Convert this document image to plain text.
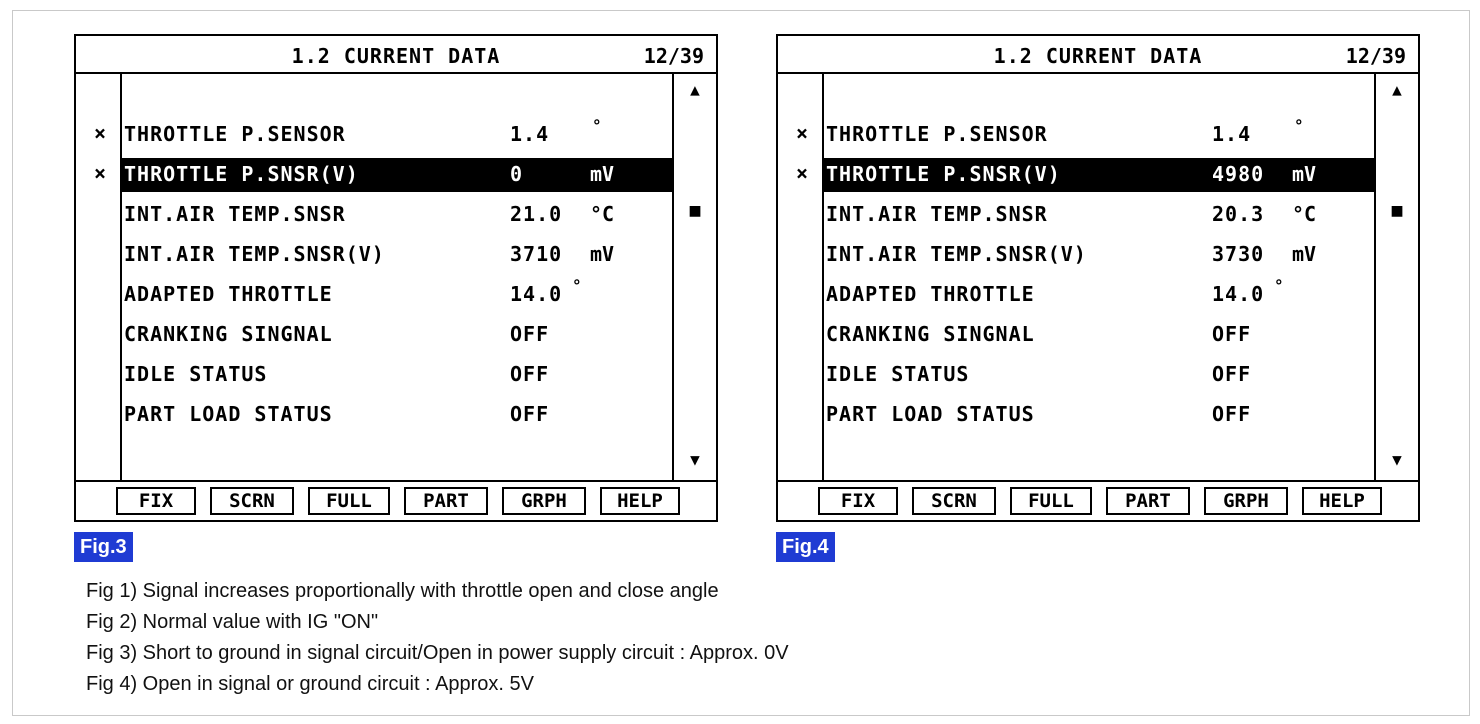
1.2 CURRENT DATA	12/39
× THROTTLE P.SENSOR	1.4	°
× THROTTLE P.SNSR(V)	0	mV
INT.AIR TEMP.SNSR	21.0 °C
INT.AIR TEMP.SNSR(V)	3710 mV
ADAPTED THROTTLE	14.0 °
CRANKING SINGNAL	OFF
IDLE STATUS	OFF
PART LOAD STATUS	OFF
▲
■
▼
FIX	SCRN	FULL	PART	GRPH	HELP
1.2 CURRENT DATA	12/39
× THROTTLE P.SENSOR	1.4	°
× THROTTLE P.SNSR(V)	4980 mV
INT.AIR TEMP.SNSR	20.3 °C
INT.AIR TEMP.SNSR(V)	3730 mV
ADAPTED THROTTLE	14.0 °
CRANKING SINGNAL	OFF
IDLE STATUS	OFF
PART LOAD STATUS	OFF
▲
■
▼
FIX	SCRN	FULL	PART	GRPH	HELP
Fig.3	Fig.4
Fig 1) Signal increases proportionally with throttle open and close angle
Fig 2) Normal value with IG "ON"
Fig 3) Short to ground in signal circuit/Open in power supply circuit : Approx. 0V
Fig 4) Open in signal or ground circuit : Approx. 5V
